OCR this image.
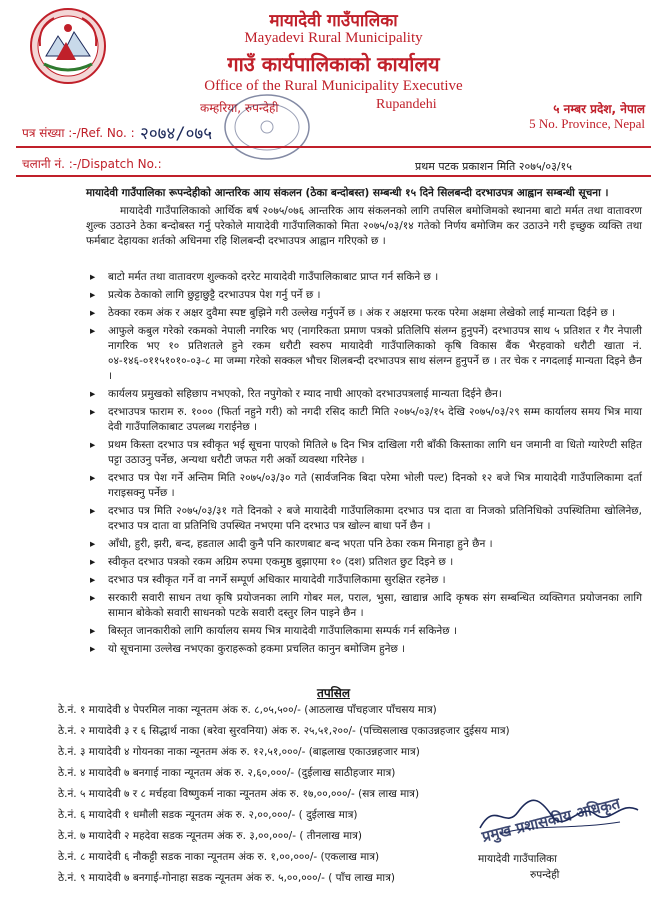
मायादेवी गाउँपालिका
Mayadevi Rural Municipality
गाउँ कार्यपालिकाको कार्यालय
Office of the Rural Municipality Executive
कम्हरिया, रुपन्देही	Rupandehi	५ नम्बर प्रदेश, नेपाल
5 No. Province, Nepal
पत्र संख्या :-/Ref. No. : २०७४/०७५
चलानी नं. :-/Dispatch No.:	प्रथम पटक प्रकाशन मिति २०७५/०३/१५
मायादेवी गाउँपालिका रूपन्देहीको आन्तरिक आय संकलन (ठेका बन्दोबस्त) सम्बन्धी १५ दिने सिलबन्दी दरभाउपत्र आह्वान सम्बन्धी सूचना ।
मायादेवी गाउँपालिकाको आर्थिक बर्ष २०७५/०७६ आन्तरिक आय संकलनको लागि तपसिल बमोजिमको स्थानमा बाटो मर्मत तथा वातावरण शुल्क उठाउने ठेका बन्दोबस्त गर्नु परेकोले मायादेवी गाउँपालिकाको मिता २०७५/०३/१४ गतेको निर्णय बमोजिम कर उठाउने गरी इच्छुक व्यक्ति तथा फर्मबाट देहायका शर्तको अधिनमा रहि शिलबन्दी दरभाउपत्र आह्वान गरिएको छ ।
▸ बाटो मर्मत तथा वातावरण शुल्कको दररेट मायादेवी गाउँपालिकाबाट प्राप्त गर्न सकिने छ ।
▸ प्रत्येक ठेकाको लागि छुट्टाछुट्टै दरभाउपत्र पेश गर्नु पर्ने छ ।
▸ ठेक्का रकम अंक र अक्षर दुवैमा स्पष्ट बुझिने गरी उल्लेख गर्नुपर्ने छ । अंक र अक्षरमा फरक परेमा अक्षमा लेखेको लाई मान्यता दिईने छ ।
▸ आफुले कबुल गरेको रकमको नेपाली नगरिक भए (नागरिकता प्रमाण पत्रको प्रतिलिपि संलग्न हुनुपर्ने) दरभाउपत्र साथ ५ प्रतिशत र गैर नेपाली नागरिक भए १० प्रतिशतले हुने रकम धरौटी स्वरुप मायादेवी गाउँपालिकाको कृषि विकास बैंक भैरहवाको धरौटी खाता नं. ०४-१४६-०११५१०१०-०३-८ मा जम्मा गरेको सक्कल भौचर शिलबन्दी दरभाउपत्र साथ संलग्न हुनुपर्ने छ । तर चेक र नगदलाई मान्यता दिइने छैन ।
▸ कार्यलय प्रमुखको सहिछाप नभएको, रित नपुगेको र म्याद नाघी आएको दरभाउपत्रलाई मान्यता दिईने छैन।
▸ दरभाउपत्र फाराम रु. १००० (फिर्ता नहुने गरी) को नगदी रसिद काटी मिति २०७५/०३/१५ देखि २०७५/०३/२९ सम्म कार्यालय समय भित्र माया देवी गाउँपालिकाबाट उपलब्ध गराईनेछ ।
▸ प्रथम किस्ता दरभाउ पत्र स्वीकृत भई सूचना पाएको मितिले ७ दिन भित्र दाखिला गरी बाँकी किस्ताका लागि धन जमानी वा धितो ग्यारेण्टी सहित पट्टा उठाउनु पर्नेछ, अन्यथा धरौटी जफत गरी अर्को व्यवस्था गरिनेछ ।
▸ दरभाउ पत्र पेश गर्ने अन्तिम मिति २०७५/०३/३० गते (सार्वजनिक बिदा परेमा भोली पल्ट) दिनको १२ बजे भित्र मायादेवी गाउँपालिकामा दर्ता गराइसक्नु पर्नेछ ।
▸ दरभाउ पत्र मिति २०७५/०३/३१ गते दिनको २ बजे मायादेवी गाउँपालिकामा दरभाउ पत्र दाता वा निजको प्रतिनिधिको उपस्थितिमा खोलिनेछ, दरभाउ पत्र दाता वा प्रतिनिधि उपस्थित नभएमा पनि दरभाउ पत्र खोल्न बाधा पर्ने छैन ।
▸ आँधी, हुरी, झरी, बन्द, हडताल आदी कुनै पनि कारणबाट बन्द भएता पनि ठेका रकम मिनाहा हुने छैन ।
▸ स्वीकृत दरभाउ पत्रको रकम अग्रिम रुपमा एकमुष्ठ बुझाएमा १० (दश) प्रतिशत छुट दिइने छ ।
▸ दरभाउ पत्र स्वीकृत गर्ने वा नगर्ने सम्पूर्ण अधिकार मायादेवी गाउँपालिकामा सुरक्षित रहनेछ ।
▸ सरकारी सवारी साधन तथा कृषि प्रयोजनका लागि गोबर मल, पराल, भुसा, खाद्यान्न आदि कृषक संग सम्बन्धित व्यक्तिगत प्रयोजनका लागि सामान बोकेको सवारी साधनको पटके सवारी दस्तुर लिन पाइने छैन ।
▸ बिस्तृत जानकारीको लागि कार्यालय समय भित्र मायादेवी गाउँपालिकामा सम्पर्क गर्न सकिनेछ ।
▸ यो सूचनामा उल्लेख नभएका कुराहरूको हकमा प्रचलित कानुन बमोजिम हुनेछ ।
तपसिल
ठे.नं. १ मायादेवी ४ पेपरमिल नाका न्यूनतम अंक रु. ८,०५,५००/- (आठलाख पाँचहजार पाँचसय मात्र)
ठे.नं. २ मायादेवी ३ र ६ सिद्धार्थ नाका (बरेवा सुरवनिया) अंक रु. २५,५१,२००/- (पच्चिसलाख एकाउन्नहजार दुईसय मात्र)
ठे.नं. ३ मायादेवी ४ गोयनका नाका न्यूनतम अंक रु. १२,५१,०००/- (बाह्रलाख एकाउन्नहजार मात्र)
ठे.नं. ४ मायादेवी ७ बनगाई नाका न्यूनतम अंक रु. २,६०,०००/- (दुईलाख साठीहजार मात्र)
ठे.नं. ५ मायादेवी ७ र ८ मर्चहवा विष्णुकर्म नाका न्यूनतम अंक रु. १७,००,०००/- (सत्र लाख मात्र)
ठे.नं. ६ मायादेवी १ धमौली सडक न्यूनतम अंक रु. २,००,०००/- ( दुईलाख मात्र)
ठे.नं. ७ मायादेवी २ महदेवा सडक न्यूनतम अंक रु. ३,००,०००/- ( तीनलाख मात्र)
ठे.नं. ८ मायादेवी ६ नौकट्टी सडक नाका न्यूनतम अंक रु. १,००,०००/- (एकलाख मात्र)
ठे.नं. ९ मायादेवी ७ बनगाई-गोनाहा सडक न्यूनतम अंक रु. ५,००,०००/- ( पाँच लाख मात्र)
प्रमुख प्रशासकीय अधिकृत
मायादेवी गाउँपालिका
रुपन्देही
